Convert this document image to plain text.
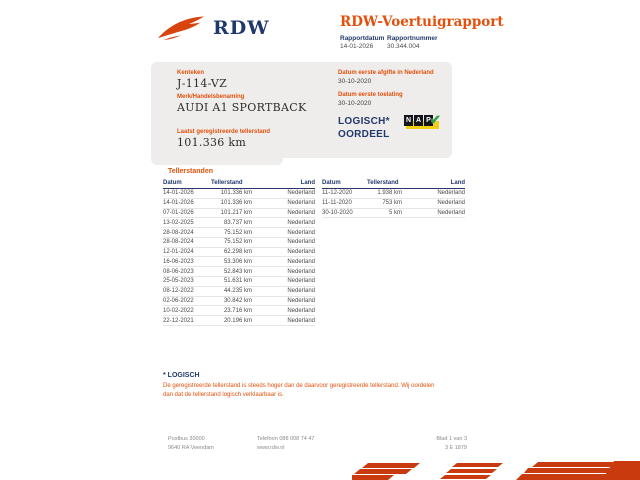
RDW	RDW-Voertuigrapport
Rapportdatum Rapportnummer
14-01-2026 30.344.004
Kenteken
J-114-VZ
Merk/Handelsbenaming
AUDI A1 SPORTBACK
Laatst geregistreerde tellerstand
101.336 km
Datum eerste afgifte in Nederland
30-10-2020
Datum eerste toelating
30-10-2020
LOGISCH*
OORDEEL
N A P ✔
Tellerstanden
Datum	Tellerstand	Land
14-01-2026	101.336 km	Nederland
14-01-2026	101.336 km	Nederland
07-01-2026	101.217 km	Nederland
13-02-2025	83.737 km	Nederland
28-08-2024	75.152 km	Nederland
28-08-2024	75.152 km	Nederland
12-01-2024	62.298 km	Nederland
16-06-2023	53.306 km	Nederland
08-06-2023	52.843 km	Nederland
25-05-2023	51.631 km	Nederland
08-12-2022	44.235 km	Nederland
02-06-2022	30.842 km	Nederland
10-02-2022	23.716 km	Nederland
22-12-2021	20.196 km	Nederland
Datum	Tellerstand	Land
11-12-2020	1.938 km	Nederland
11-11-2020	753 km	Nederland
30-10-2020	5 km	Nederland
* LOGISCH
De geregistreerde tellerstand is steeds hoger dan de daarvoor geregistreerde tellerstand. Wij oordelen dan dat de tellerstand logisch verklaarbaar is.
Postbus 30000
9640 RA Veendam
Telefoon 088 008 74 47
www.rdw.nl
Blad 1 van 3
3 E 1879
